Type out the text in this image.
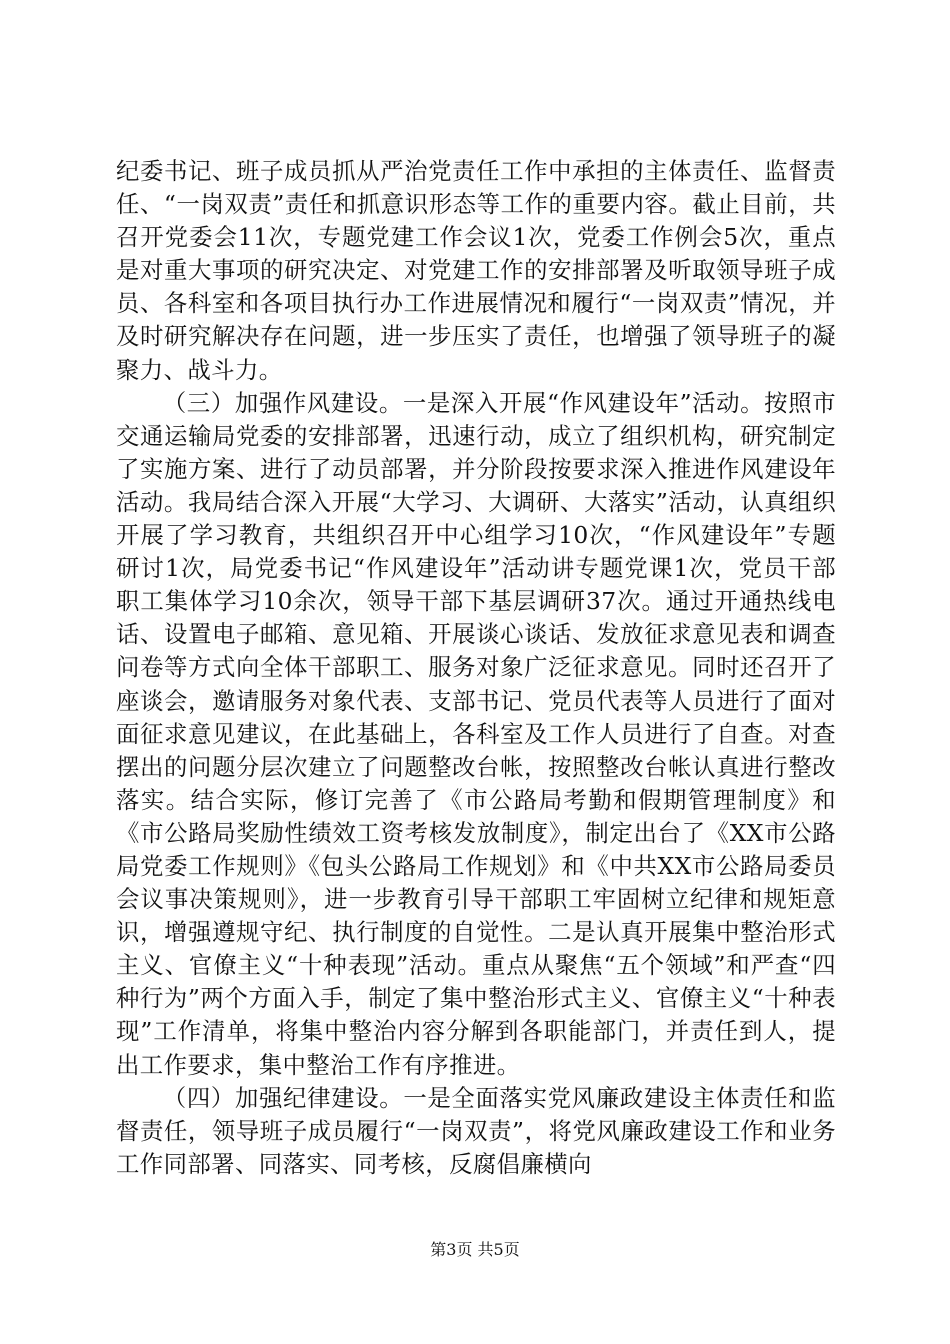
纪委书记、班子成员抓从严治党责任工作中承担的主体责任、监督责任、“一岗双责”责任和抓意识形态等工作的重要内容。截止目前，共召开党委会11次，专题党建工作会议1次，党委工作例会5次，重点是对重大事项的研究决定、对党建工作的安排部署及听取领导班子成员、各科室和各项目执行办工作进展情况和履行“一岗双责”情况，并及时研究解决存在问题，进一步压实了责任，也增强了领导班子的凝聚力、战斗力。

（三）加强作风建设。一是深入开展“作风建设年”活动。按照市交通运输局党委的安排部署，迅速行动，成立了组织机构，研究制定了实施方案、进行了动员部署，并分阶段按要求深入推进作风建设年活动。我局结合深入开展“大学习、大调研、大落实”活动，认真组织开展了学习教育，共组织召开中心组学习10次，“作风建设年”专题研讨1次，局党委书记“作风建设年”活动讲专题党课1次，党员干部职工集体学习10余次，领导干部下基层调研37次。通过开通热线电话、设置电子邮箱、意见箱、开展谈心谈话、发放征求意见表和调查问卷等方式向全体干部职工、服务对象广泛征求意见。同时还召开了座谈会，邀请服务对象代表、支部书记、党员代表等人员进行了面对面征求意见建议，在此基础上，各科室及工作人员进行了自查。对查摆出的问题分层次建立了问题整改台帐，按照整改台帐认真进行整改落实。结合实际，修订完善了《市公路局考勤和假期管理制度》和《市公路局奖励性绩效工资考核发放制度》，制定出台了《XX市公路局党委工作规则》《包头公路局工作规划》和《中共XX市公路局委员会议事决策规则》，进一步教育引导干部职工牢固树立纪律和规矩意识，增强遵规守纪、执行制度的自觉性。二是认真开展集中整治形式主义、官僚主义“十种表现”活动。重点从聚焦“五个领域”和严查“四种行为”两个方面入手，制定了集中整治形式主义、官僚主义“十种表现”工作清单，将集中整治内容分解到各职能部门，并责任到人，提出工作要求，集中整治工作有序推进。

（四）加强纪律建设。一是全面落实党风廉政建设主体责任和监督责任，领导班子成员履行“一岗双责”，将党风廉政建设工作和业务工作同部署、同落实、同考核，反腐倡廉横向

第3页 共5页
